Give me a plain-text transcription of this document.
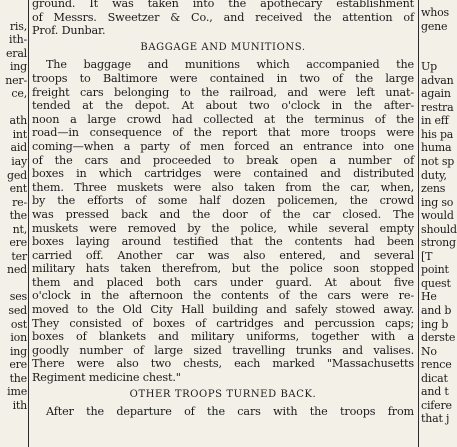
ris,
ith-
eral
ing
ner-
ce,
ath
int
aid
iay
ged
ent
re-
the
nt,
ere
ter
ned
ses
sed
ost
ion
ing
ere
the
ime
ith
ground. It was taken into the apothecary establishment
of Messrs. Sweetzer & Co., and received the attention of
Prof. Dunbar.
BAGGAGE AND MUNITIONS.
The baggage and munitions which accompanied the
troops to Baltimore were contained in two of the large
freight cars belonging to the railroad, and were left unat-
tended at the depot. At about two o'clock in the after-
noon a large crowd had collected at the terminus of the
road—in consequence of the report that more troops were
coming—when a party of men forced an entrance into one
of the cars and proceeded to break open a number of
boxes in which cartridges were contained and distributed
them. Three muskets were also taken from the car, when,
by the efforts of some half dozen policemen, the crowd
was pressed back and the door of the car closed. The
muskets were removed by the police, while several empty
boxes laying around testified that the contents had been
carried off. Another car was also entered, and several
military hats taken therefrom, but the police soon stopped
them and placed both cars under guard. At about five
o'clock in the afternoon the contents of the cars were re-
moved to the Old City Hall building and safely stowed away.
They consisted of boxes of cartridges and percussion caps;
boxes of blankets and military uniforms, together with a
goodly number of large sized travelling trunks and valises.
There were also two chests, each marked "Massachusetts
Regiment medicine chest."
OTHER TROOPS TURNED BACK.
After the departure of the cars with the troops from
whos
gene
Up
advan
again
restra
in eff
his pa
huma
not sp
duty,
zens
ing so
would
should
strong
[T
point
quest
He
and b
ing b
derste
No
rence
dicat
and t
cifere
that j
